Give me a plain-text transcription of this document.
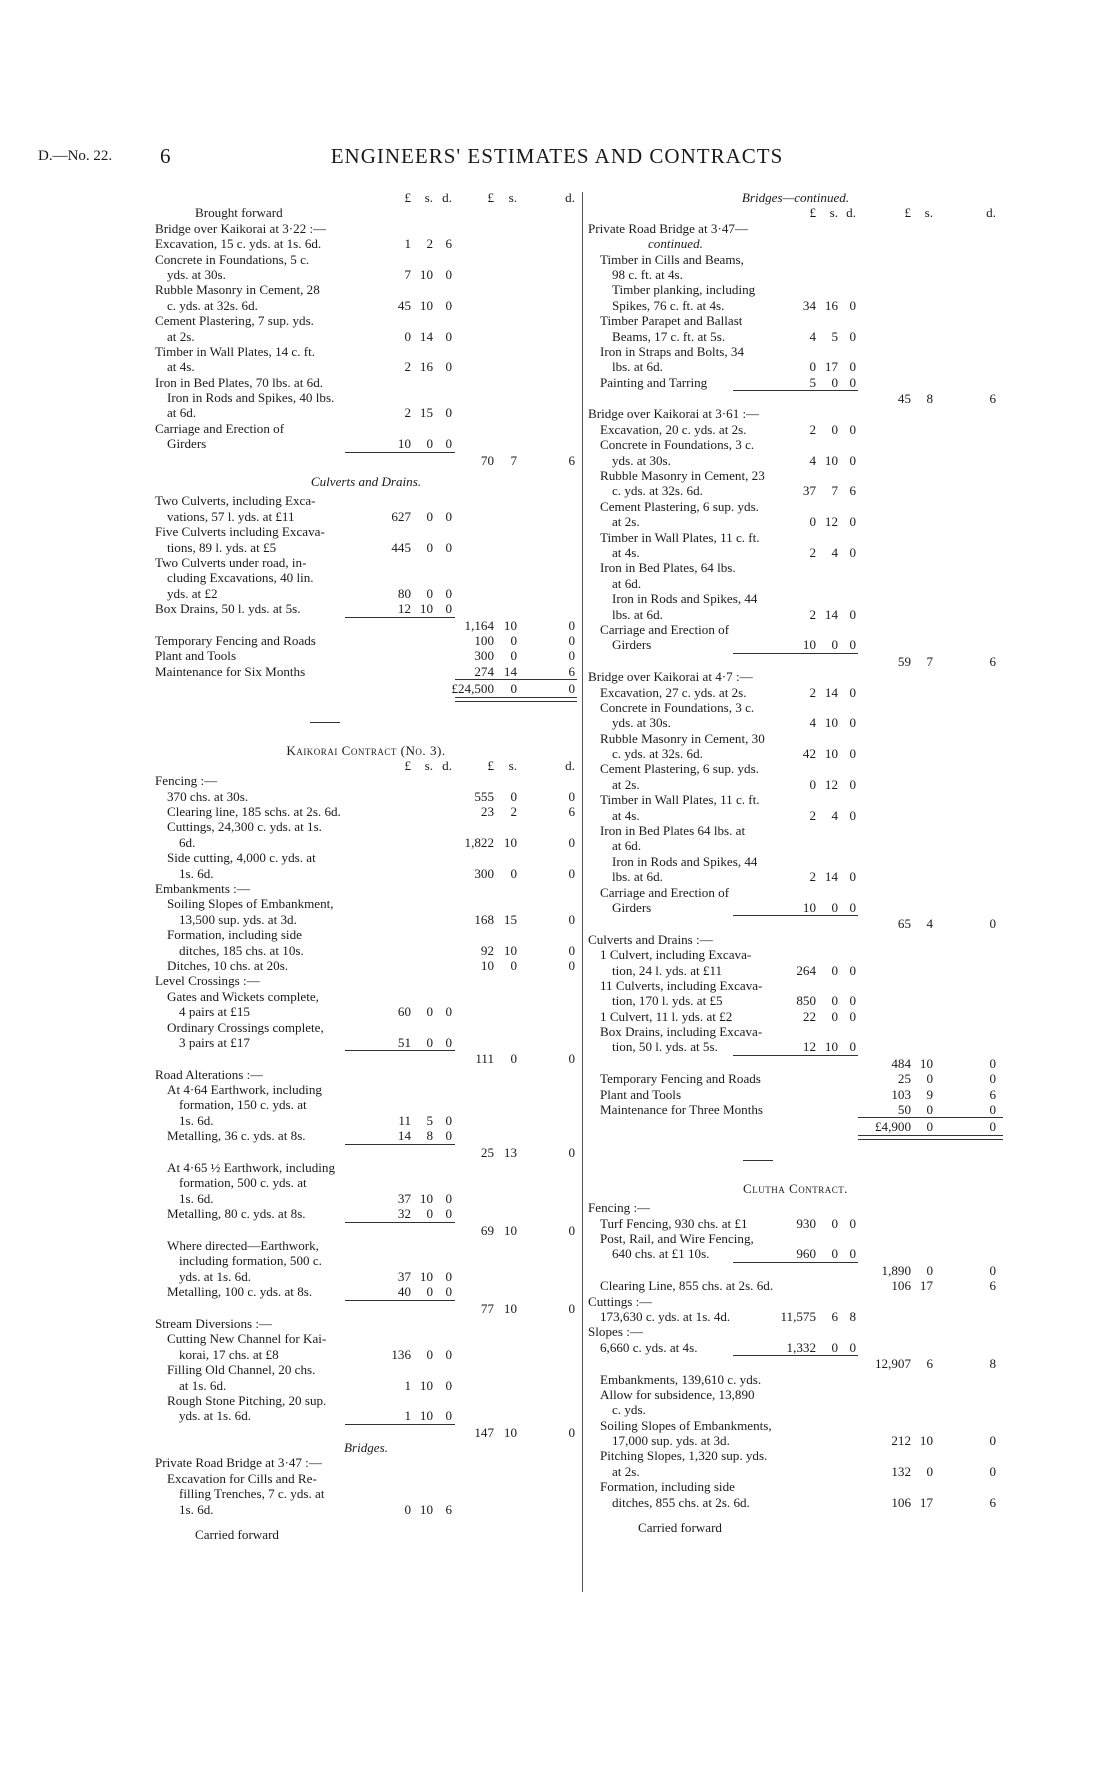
D.—No. 22. 6	ENGINEERS' ESTIMATES AND CONTRACTS
£ s. d.	£ s.	d.
Brought forward
Bridge over Kaikorai at 3·22 :—
Excavation, 15 c. yds. at 1s. 6d.	1 2 6
Concrete in Foundations, 5 c.
yds. at 30s.	7 10 0
Rubble Masonry in Cement, 28
c. yds. at 32s. 6d.	45 10 0
Cement Plastering, 7 sup. yds.
at 2s.	0 14 0
Timber in Wall Plates, 14 c. ft.
at 4s.	2 16 0
Iron in Bed Plates, 70 lbs. at 6d.
Iron in Rods and Spikes, 40 lbs.
at 6d.	2 15 0
Carriage and Erection of
Girders	10 0 0
70 7	6
Culverts and Drains.
Two Culverts, including Exca-
vations, 57 l. yds. at £11	627 0 0
Five Culverts including Excava-
tions, 89 l. yds. at £5	445 0 0
Two Culverts under road, in-
cluding Excavations, 40 lin.
yds. at £2	80 0 0
Box Drains, 50 l. yds. at 5s.	12 10 0
1,164 10	0
Temporary Fencing and Roads	100 0	0
Plant and Tools	300 0	0
Maintenance for Six Months	274 14	6
£24,500 0	0
Kaikorai Contract (No. 3).
£ s. d.	£ s.	d.
Fencing :—
370 chs. at 30s.	555 0	0
Clearing line, 185 schs. at 2s. 6d.	23 2	6
Cuttings, 24,300 c. yds. at 1s.
6d.	1,822 10	0
Side cutting, 4,000 c. yds. at
1s. 6d.	300 0	0
Embankments :—
Soiling Slopes of Embankment,
13,500 sup. yds. at 3d.	168 15	0
Formation, including side
ditches, 185 chs. at 10s.	92 10	0
Ditches, 10 chs. at 20s.	10 0	0
Level Crossings :—
Gates and Wickets complete,
4 pairs at £15	60 0 0
Ordinary Crossings complete,
3 pairs at £17	51 0 0
111 0	0
Road Alterations :—
At 4·64 Earthwork, including
formation, 150 c. yds. at
1s. 6d.	11 5 0
Metalling, 36 c. yds. at 8s.	14 8 0
25 13	0
At 4·65 ½ Earthwork, including
formation, 500 c. yds. at
1s. 6d.	37 10 0
Metalling, 80 c. yds. at 8s.	32 0 0
69 10	0
Where directed—Earthwork,
including formation, 500 c.
yds. at 1s. 6d.	37 10 0
Metalling, 100 c. yds. at 8s.	40 0 0
77 10	0
Stream Diversions :—
Cutting New Channel for Kai-
korai, 17 chs. at £8	136 0 0
Filling Old Channel, 20 chs.
at 1s. 6d.	1 10 0
Rough Stone Pitching, 20 sup.
yds. at 1s. 6d.	1 10 0
147 10	0
Bridges.
Private Road Bridge at 3·47 :—
Excavation for Cills and Re-
filling Trenches, 7 c. yds. at
1s. 6d.	0 10 6
Carried forward
Bridges—continued.
£ s. d.	£ s.	d.
Private Road Bridge at 3·47—
continued.
Timber in Cills and Beams,
98 c. ft. at 4s.
Timber planking, including
Spikes, 76 c. ft. at 4s.	34 16 0
Timber Parapet and Ballast
Beams, 17 c. ft. at 5s.	4 5 0
Iron in Straps and Bolts, 34
lbs. at 6d.	0 17 0
Painting and Tarring	5 0 0
45 8	6
Bridge over Kaikorai at 3·61 :—
Excavation, 20 c. yds. at 2s.	2 0 0
Concrete in Foundations, 3 c.
yds. at 30s.	4 10 0
Rubble Masonry in Cement, 23
c. yds. at 32s. 6d.	37 7 6
Cement Plastering, 6 sup. yds.
at 2s.	0 12 0
Timber in Wall Plates, 11 c. ft.
at 4s.	2 4 0
Iron in Bed Plates, 64 lbs.
at 6d.
Iron in Rods and Spikes, 44
lbs. at 6d.	2 14 0
Carriage and Erection of
Girders	10 0 0
59 7	6
Bridge over Kaikorai at 4·7 :—
Excavation, 27 c. yds. at 2s.	2 14 0
Concrete in Foundations, 3 c.
yds. at 30s.	4 10 0
Rubble Masonry in Cement, 30
c. yds. at 32s. 6d.	42 10 0
Cement Plastering, 6 sup. yds.
at 2s.	0 12 0
Timber in Wall Plates, 11 c. ft.
at 4s.	2 4 0
Iron in Bed Plates 64 lbs. at
at 6d.
Iron in Rods and Spikes, 44
lbs. at 6d.	2 14 0
Carriage and Erection of
Girders	10 0 0
65 4	0
Culverts and Drains :—
1 Culvert, including Excava-
tion, 24 l. yds. at £11	264 0 0
11 Culverts, including Excava-
tion, 170 l. yds. at £5	850 0 0
1 Culvert, 11 l. yds. at £2	22 0 0
Box Drains, including Excava-
tion, 50 l. yds. at 5s.	12 10 0
484 10	0
Temporary Fencing and Roads	25 0	0
Plant and Tools	103 9	6
Maintenance for Three Months	50 0	0
£4,900 0	0
Clutha Contract.
Fencing :—
Turf Fencing, 930 chs. at £1	930 0 0
Post, Rail, and Wire Fencing,
640 chs. at £1 10s.	960 0 0
1,890 0	0
Clearing Line, 855 chs. at 2s. 6d.	106 17	6
Cuttings :—
173,630 c. yds. at 1s. 4d.	11,575 6 8
Slopes :—
6,660 c. yds. at 4s.	1,332 0 0
12,907 6	8
Embankments, 139,610 c. yds.
Allow for subsidence, 13,890
c. yds.
Soiling Slopes of Embankments,
17,000 sup. yds. at 3d.	212 10	0
Pitching Slopes, 1,320 sup. yds.
at 2s.	132 0	0
Formation, including side
ditches, 855 chs. at 2s. 6d.	106 17	6
Carried forward
